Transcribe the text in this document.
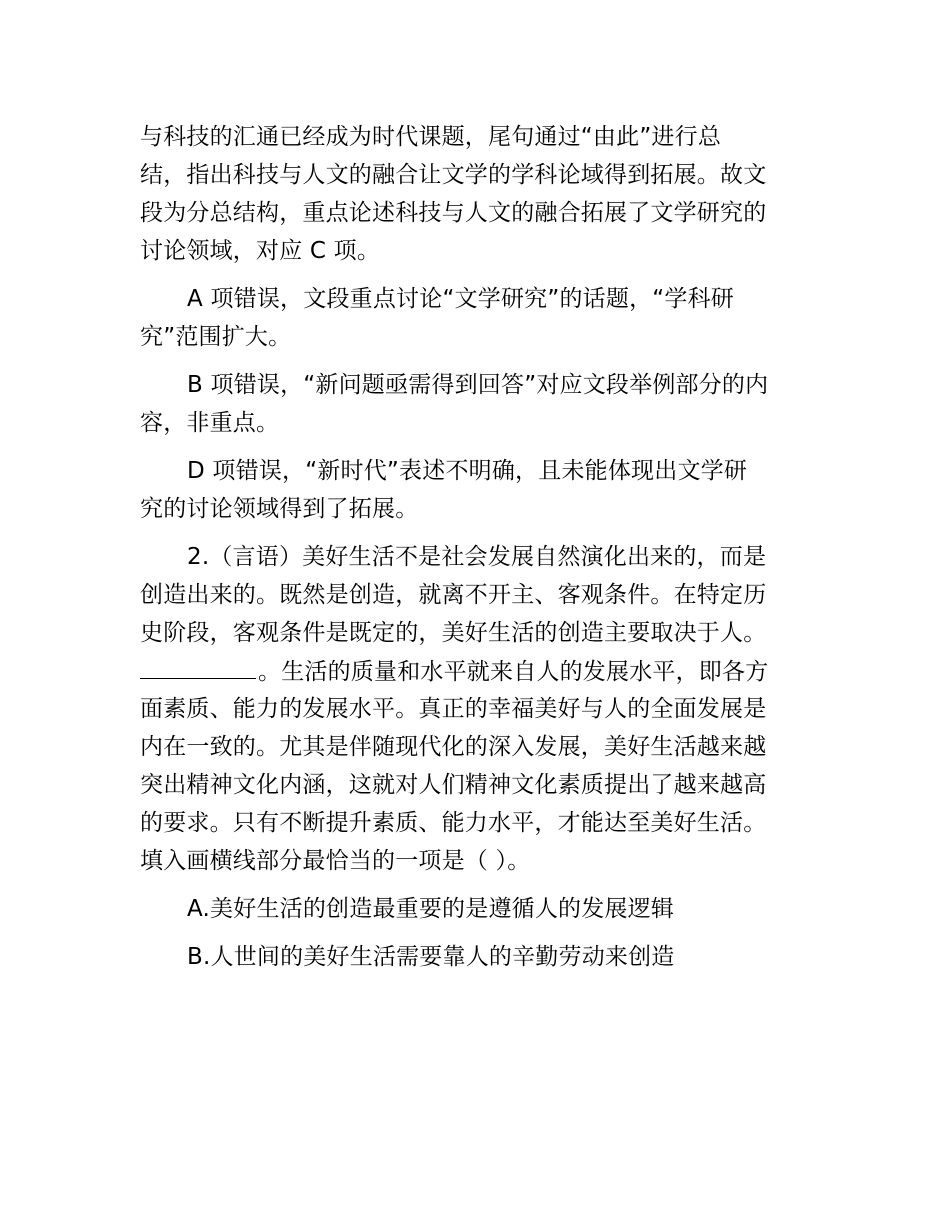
与科技的汇通已经成为时代课题，尾句通过“由此”进行总
结，指出科技与人文的融合让文学的学科论域得到拓展。故文
段为分总结构，重点论述科技与人文的融合拓展了文学研究的
讨论领域，对应 C 项。
A 项错误，文段重点讨论“文学研究”的话题，“学科研
究”范围扩大。
B 项错误，“新问题亟需得到回答”对应文段举例部分的内
容，非重点。
D 项错误，“新时代”表述不明确，且未能体现出文学研
究的讨论领域得到了拓展。
2.（言语）美好生活不是社会发展自然演化出来的，而是
创造出来的。既然是创造，就离不开主、客观条件。在特定历
史阶段，客观条件是既定的，美好生活的创造主要取决于人。
。生活的质量和水平就来自人的发展水平，即各方
面素质、能力的发展水平。真正的幸福美好与人的全面发展是
内在一致的。尤其是伴随现代化的深入发展，美好生活越来越
突出精神文化内涵，这就对人们精神文化素质提出了越来越高
的要求。只有不断提升素质、能力水平，才能达至美好生活。
填入画横线部分最恰当的一项是（ ）。
A.美好生活的创造最重要的是遵循人的发展逻辑
B.人世间的美好生活需要靠人的辛勤劳动来创造
